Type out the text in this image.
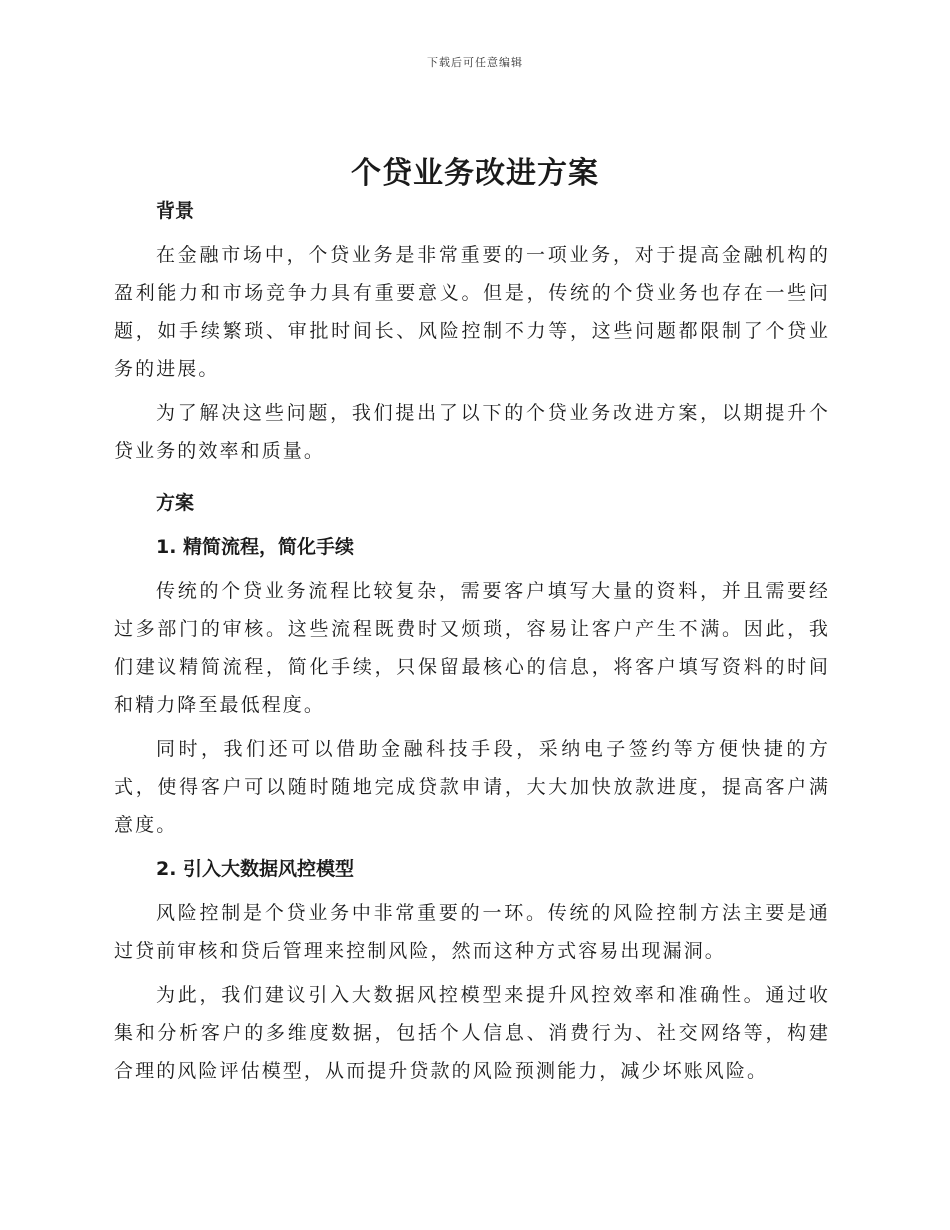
下载后可任意编辑
个贷业务改进方案

背景

在金融市场中，个贷业务是非常重要的一项业务，对于提高金融机构的盈利能力和市场竞争力具有重要意义。但是，传统的个贷业务也存在一些问题，如手续繁琐、审批时间长、风险控制不力等，这些问题都限制了个贷业务的进展。

为了解决这些问题，我们提出了以下的个贷业务改进方案，以期提升个贷业务的效率和质量。

方案

1. 精简流程，简化手续

传统的个贷业务流程比较复杂，需要客户填写大量的资料，并且需要经过多部门的审核。这些流程既费时又烦琐，容易让客户产生不满。因此，我们建议精简流程，简化手续，只保留最核心的信息，将客户填写资料的时间和精力降至最低程度。

同时，我们还可以借助金融科技手段，采纳电子签约等方便快捷的方式，使得客户可以随时随地完成贷款申请，大大加快放款进度，提高客户满意度。

2. 引入大数据风控模型

风险控制是个贷业务中非常重要的一环。传统的风险控制方法主要是通过贷前审核和贷后管理来控制风险，然而这种方式容易出现漏洞。

为此，我们建议引入大数据风控模型来提升风控效率和准确性。通过收集和分析客户的多维度数据，包括个人信息、消费行为、社交网络等，构建合理的风险评估模型，从而提升贷款的风险预测能力，减少坏账风险。
